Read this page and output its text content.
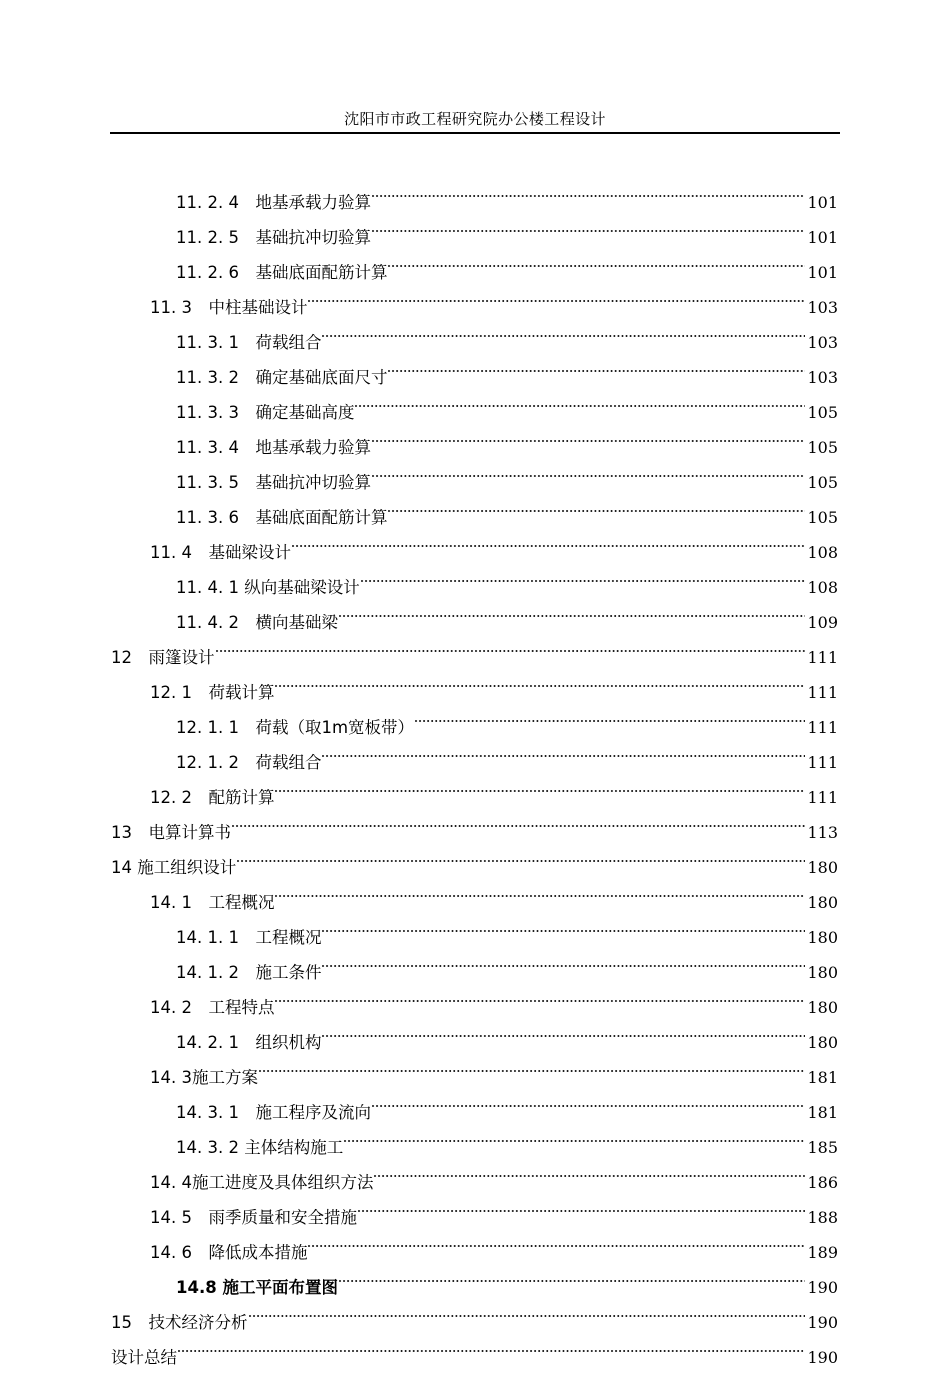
沈阳市市政工程研究院办公楼工程设计
11. 2. 4 地基承载力验算	101
11. 2. 5 基础抗冲切验算	101
11. 2. 6 基础底面配筋计算	101
11. 3 中柱基础设计	103
11. 3. 1 荷载组合	103
11. 3. 2 确定基础底面尺寸	103
11. 3. 3 确定基础高度	105
11. 3. 4 地基承载力验算	105
11. 3. 5 基础抗冲切验算	105
11. 3. 6 基础底面配筋计算	105
11. 4 基础梁设计	108
11. 4. 1 纵向基础梁设计	108
11. 4. 2 横向基础梁	109
12 雨篷设计	111
12. 1 荷载计算	111
12. 1. 1 荷载（取1m宽板带）	111
12. 1. 2 荷载组合	111
12. 2 配筋计算	111
13 电算计算书	113
14 施工组织设计	180
14. 1 工程概况	180
14. 1. 1 工程概况	180
14. 1. 2 施工条件	180
14. 2 工程特点	180
14. 2. 1 组织机构	180
14. 3施工方案	181
14. 3. 1 施工程序及流向	181
14. 3. 2 主体结构施工	185
14. 4施工进度及具体组织方法	186
14. 5 雨季质量和安全措施	188
14. 6 降低成本措施	189
14.8 施工平面布置图	190
15 技术经济分析	190
设计总结	190
